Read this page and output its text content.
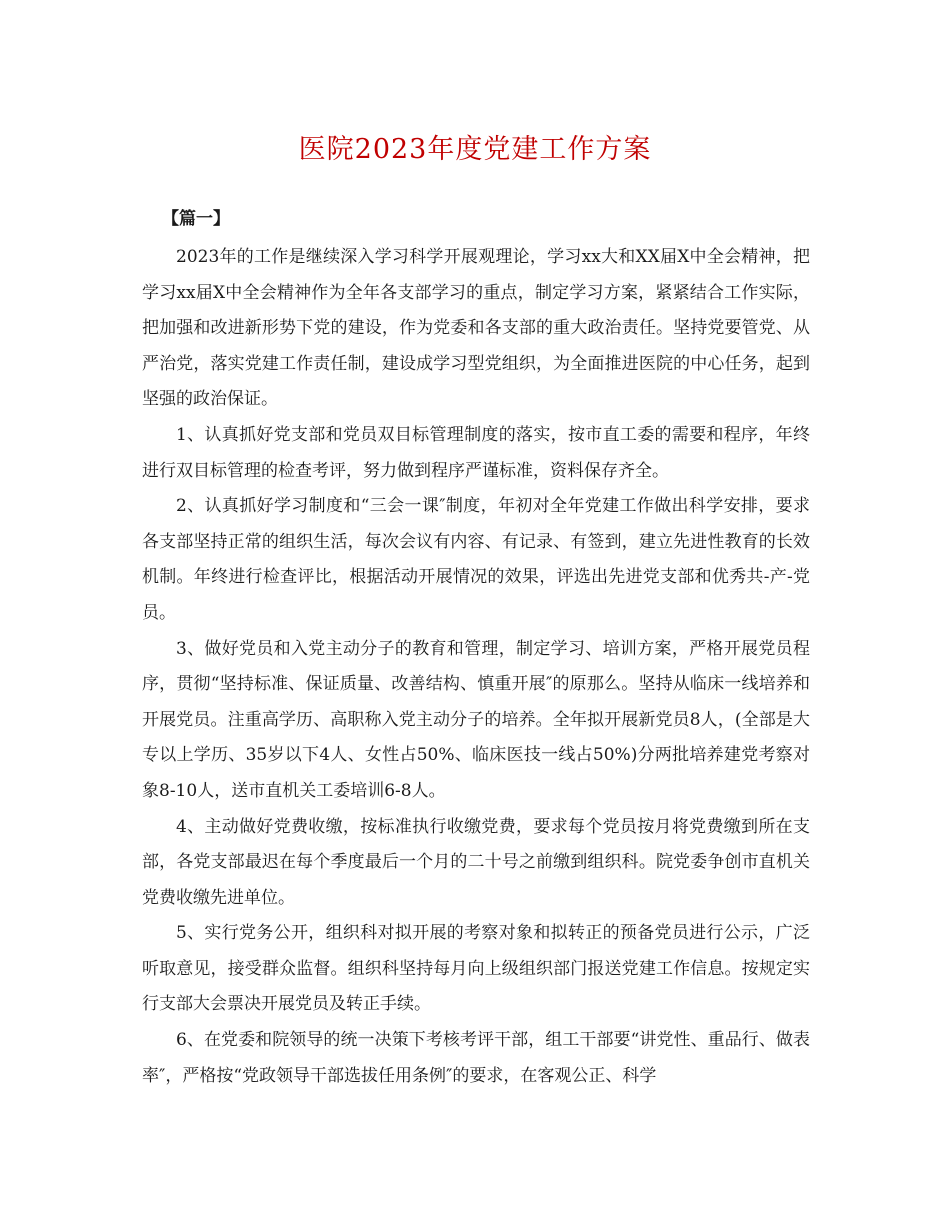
医院2023年度党建工作方案

【篇一】

2023年的工作是继续深入学习科学开展观理论，学习xx大和XX届X中全会精神，把学习xx届X中全会精神作为全年各支部学习的重点，制定学习方案，紧紧结合工作实际，把加强和改进新形势下党的建设，作为党委和各支部的重大政治责任。坚持党要管党、从严治党，落实党建工作责任制，建设成学习型党组织，为全面推进医院的中心任务，起到坚强的政治保证。

1、认真抓好党支部和党员双目标管理制度的落实，按市直工委的需要和程序，年终进行双目标管理的检查考评，努力做到程序严谨标准，资料保存齐全。

2、认真抓好学习制度和“三会一课″制度，年初对全年党建工作做出科学安排，要求各支部坚持正常的组织生活，每次会议有内容、有记录、有签到，建立先进性教育的长效机制。年终进行检查评比，根据活动开展情况的效果，评选出先进党支部和优秀共-产-党员。

3、做好党员和入党主动分子的教育和管理，制定学习、培训方案，严格开展党员程序，贯彻“坚持标准、保证质量、改善结构、慎重开展″的原那么。坚持从临床一线培养和开展党员。注重高学历、高职称入党主动分子的培养。全年拟开展新党员8人，(全部是大专以上学历、35岁以下4人、女性占50%、临床医技一线占50%)分两批培养建党考察对象8-10人，送市直机关工委培训6-8人。

4、主动做好党费收缴，按标准执行收缴党费，要求每个党员按月将党费缴到所在支部，各党支部最迟在每个季度最后一个月的二十号之前缴到组织科。院党委争创市直机关党费收缴先进单位。

5、实行党务公开，组织科对拟开展的考察对象和拟转正的预备党员进行公示，广泛听取意见，接受群众监督。组织科坚持每月向上级组织部门报送党建工作信息。按规定实行支部大会票决开展党员及转正手续。

6、在党委和院领导的统一决策下考核考评干部，组工干部要“讲党性、重品行、做表率″，严格按“党政领导干部选拔任用条例″的要求，在客观公正、科学
